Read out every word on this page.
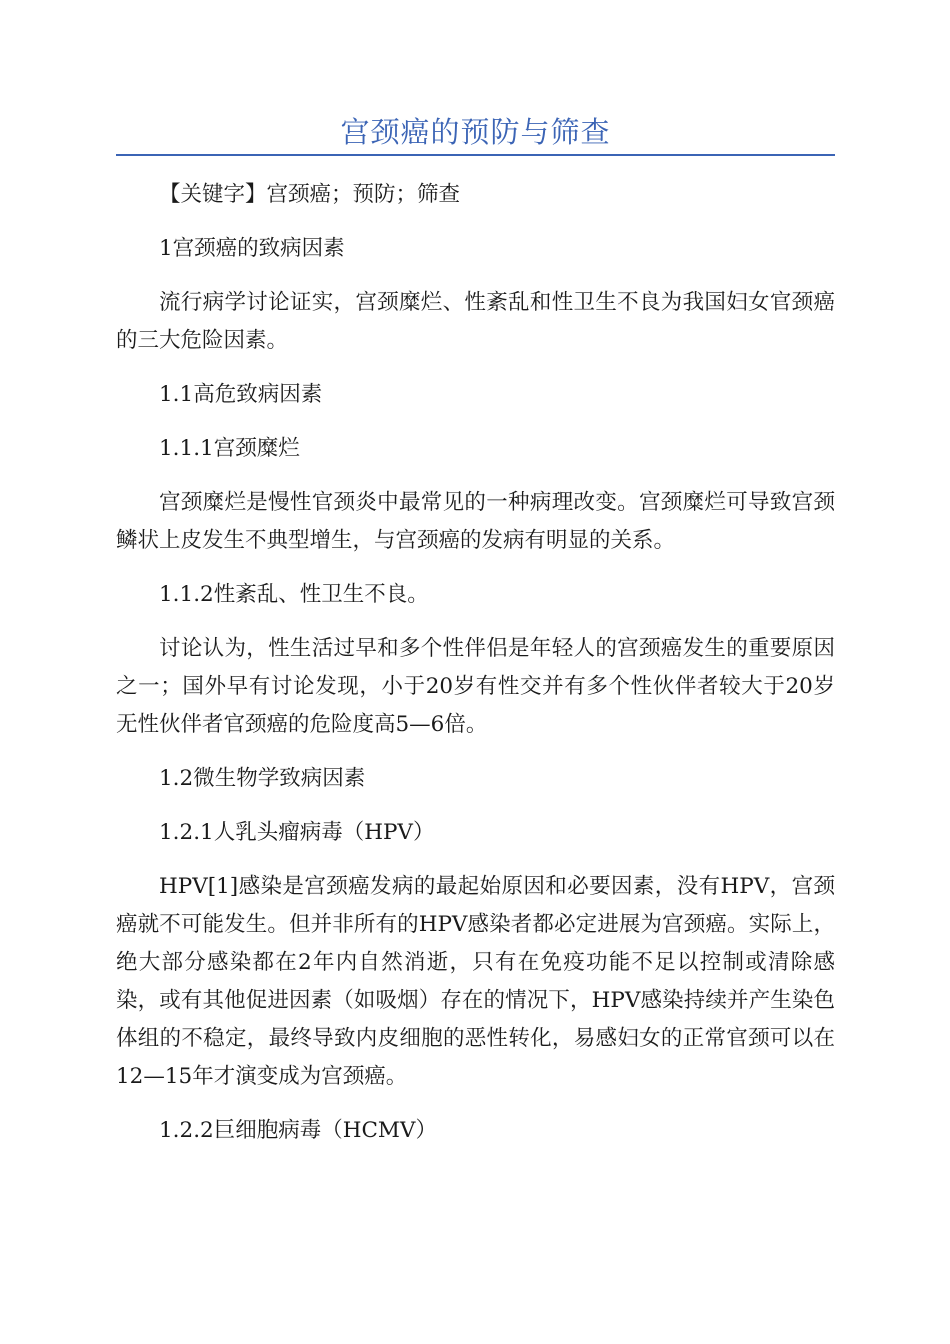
宫颈癌的预防与筛查

【关键字】宫颈癌；预防；筛查

1宫颈癌的致病因素

流行病学讨论证实，宫颈糜烂、性紊乱和性卫生不良为我国妇女官颈癌的三大危险因素。

1.1高危致病因素

1.1.1宫颈糜烂

宫颈糜烂是慢性官颈炎中最常见的一种病理改变。宫颈糜烂可导致宫颈鳞状上皮发生不典型增生，与宫颈癌的发病有明显的关系。

1.1.2性紊乱、性卫生不良。

讨论认为，性生活过早和多个性伴侣是年轻人的宫颈癌发生的重要原因之一；国外早有讨论发现，小于20岁有性交并有多个性伙伴者较大于20岁无性伙伴者官颈癌的危险度高5—6倍。

1.2微生物学致病因素

1.2.1人乳头瘤病毒（HPV）

HPV[1]感染是宫颈癌发病的最起始原因和必要因素，没有HPV，宫颈癌就不可能发生。但并非所有的HPV感染者都必定进展为宫颈癌。实际上，绝大部分感染都在2年内自然消逝，只有在免疫功能不足以控制或清除感染，或有其他促进因素（如吸烟）存在的情况下，HPV感染持续并产生染色体组的不稳定，最终导致内皮细胞的恶性转化，易感妇女的正常官颈可以在12—15年才演变成为宫颈癌。

1.2.2巨细胞病毒（HCMV）
